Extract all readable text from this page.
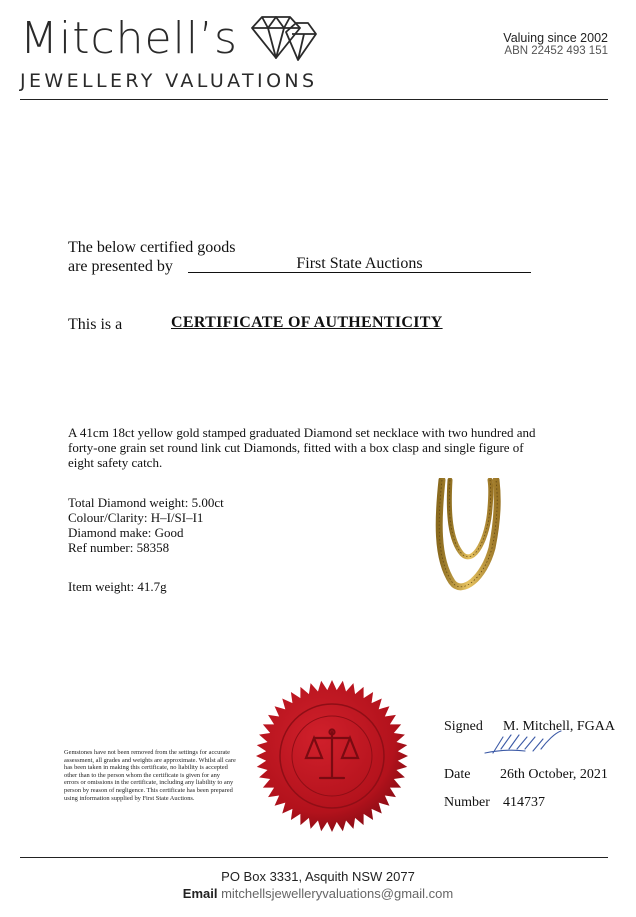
Mitchell’s
JEWELLERY VALUATIONS
Valuing since 2002
ABN 22452 493 151
The below certified goods
are presented by	First State Auctions
This is a	CERTIFICATE OF AUTHENTICITY
A 41cm 18ct yellow gold stamped graduated Diamond set necklace with two hundred and forty-one grain set round link cut Diamonds, fitted with a box clasp and single figure of eight safety catch.
Total Diamond weight: 5.00ct
Colour/Clarity: H–I/SI–I1
Diamond make: Good
Ref number: 58358
Item weight: 41.7g
Gemstones have not been removed from the settings for accurate assessment, all grades and weights are approximate. Whilst all care has been taken in making this certificate, no liability is accepted other than to the person whom the certificate is given for any errors or omissions in the certificate, including any liability to any person by reason of negligence. This certificate has been prepared using information supplied by First State Auctions.
Signed M. Mitchell, FGAA
Date 26th October, 2021
Number 414737
PO Box 3331, Asquith NSW 2077
Email mitchellsjewelleryvaluations@gmail.com
